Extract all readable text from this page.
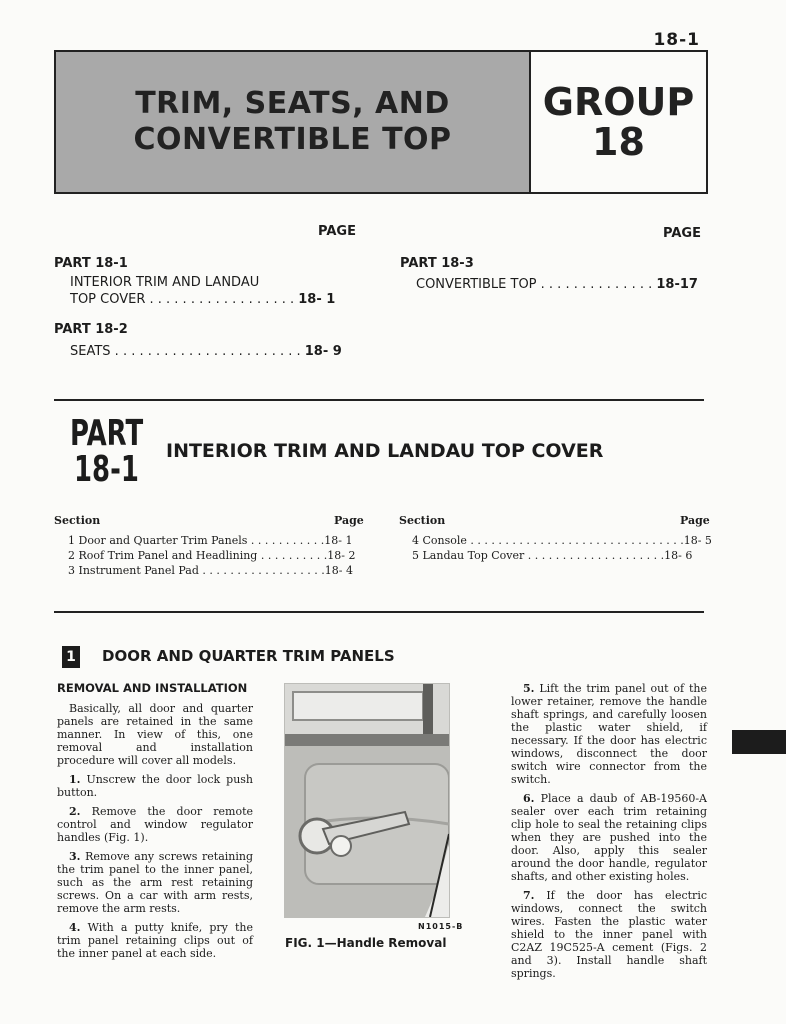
18-1
TRIM, SEATS, AND
CONVERTIBLE TOP
GROUP
18
PAGE	PAGE
PART 18-1
INTERIOR TRIM AND LANDAU
TOP COVER . . . . . . . . . . . . . . . . . . 18- 1
PART 18-2
SEATS . . . . . . . . . . . . . . . . . . . . . . . 18- 9
PART 18-3
CONVERTIBLE TOP . . . . . . . . . . . . . . 18-17
PART
18-1 INTERIOR TRIM AND LANDAU TOP COVER
Section	Page	Section	Page
1 Door and Quarter Trim Panels . . . . . . . . . . .18- 1
2 Roof Trim Panel and Headlining . . . . . . . . . .18- 2
3 Instrument Panel Pad . . . . . . . . . . . . . . . . . .18- 4
4 Console . . . . . . . . . . . . . . . . . . . . . . . . . . . . . . .18- 5
5 Landau Top Cover . . . . . . . . . . . . . . . . . . . .18- 6
1 DOOR AND QUARTER TRIM PANELS
REMOVAL AND INSTALLATION

Basically, all door and quarter panels are retained in the same manner. In view of this, one removal and installation procedure will cover all models.

1. Unscrew the door lock push button.

2. Remove the door remote control and window regulator handles (Fig. 1).

3. Remove any screws retaining the trim panel to the inner panel, such as the arm rest retaining screws. On a car with arm rests, remove the arm rests.

4. With a putty knife, pry the trim panel retaining clips out of the inner panel at each side.

N1015-B
FIG. 1—Handle Removal

5. Lift the trim panel out of the lower retainer, remove the handle shaft springs, and carefully loosen the plastic water shield, if necessary. If the door has electric windows, disconnect the door switch wire connector from the switch.

6. Place a daub of AB-19560-A sealer over each trim retaining clip hole to seal the retaining clips when they are pushed into the door. Also, apply this sealer around the door handle, regulator shafts, and other existing holes.

7. If the door has electric windows, connect the switch wires. Fasten the plastic water shield to the inner panel with C2AZ 19C525-A cement (Figs. 2 and 3). Install handle shaft springs.
